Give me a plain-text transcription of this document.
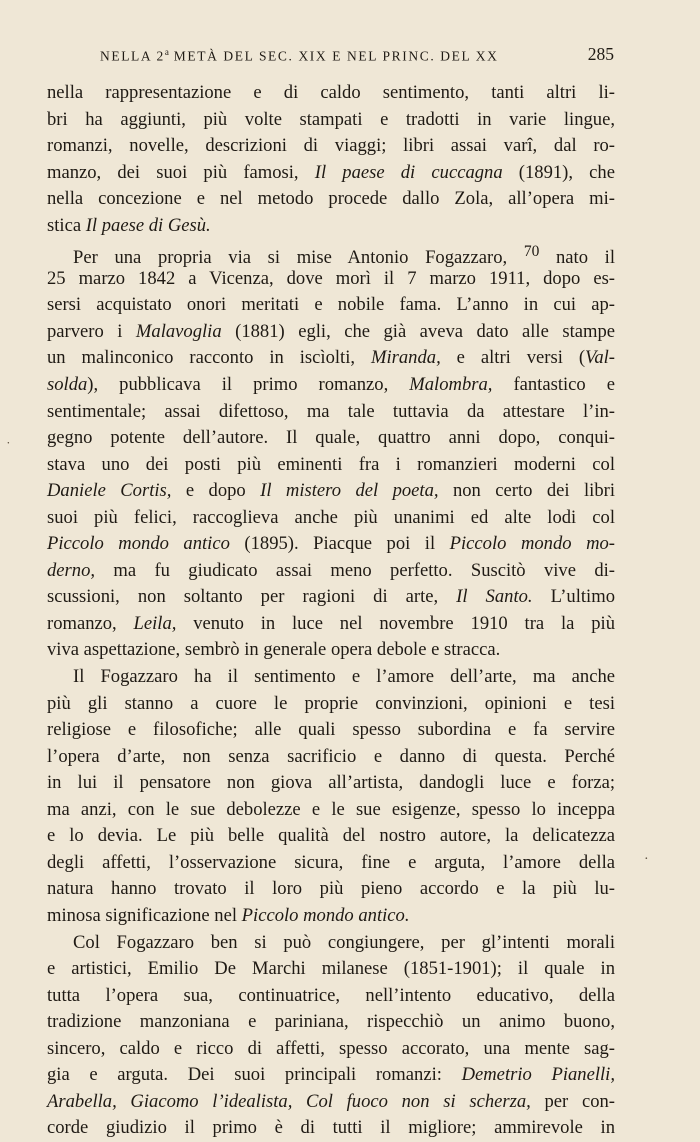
NELLA 2$^a$ METÀ DEL SEC. XIX E NEL PRINC. DEL XX	285
nella rappresentazione e di caldo sentimento, tanti altri li-
bri ha aggiunti, più volte stampati e tradotti in varie lingue,
romanzi, novelle, descrizioni di viaggi; libri assai varî, dal ro-
manzo, dei suoi più famosi, Il paese di cuccagna (1891), che
nella concezione e nel metodo procede dallo Zola, all’opera mi-
stica Il paese di Gesù.
Per una propria via si mise Antonio Fogazzaro, $^{70}$ nato il
25 marzo 1842 a Vicenza, dove morì il 7 marzo 1911, dopo es-
sersi acquistato onori meritati e nobile fama. L’anno in cui ap-
parvero i Malavoglia (1881) egli, che già aveva dato alle stampe
un malinconico racconto in iscìolti, Miranda, e altri versi (Val-
solda), pubblicava il primo romanzo, Malombra, fantastico e
sentimentale; assai difettoso, ma tale tuttavia da attestare l’in-
gegno potente dell’autore. Il quale, quattro anni dopo, conqui-
stava uno dei posti più eminenti fra i romanzieri moderni col
Daniele Cortis, e dopo Il mistero del poeta, non certo dei libri
suoi più felici, raccoglieva anche più unanimi ed alte lodi col
Piccolo mondo antico (1895). Piacque poi il Piccolo mondo mo-
derno, ma fu giudicato assai meno perfetto. Suscitò vive di-
scussioni, non soltanto per ragioni di arte, Il Santo. L’ultimo
romanzo, Leila, venuto in luce nel novembre 1910 tra la più
viva aspettazione, sembrò in generale opera debole e stracca.
Il Fogazzaro ha il sentimento e l’amore dell’arte, ma anche
più gli stanno a cuore le proprie convinzioni, opinioni e tesi
religiose e filosofiche; alle quali spesso subordina e fa servire
l’opera d’arte, non senza sacrificio e danno di questa. Perché
in lui il pensatore non giova all’artista, dandogli luce e forza;
ma anzi, con le sue debolezze e le sue esigenze, spesso lo inceppa
e lo devia. Le più belle qualità del nostro autore, la delicatezza
degli affetti, l’osservazione sicura, fine e arguta, l’amore della
natura hanno trovato il loro più pieno accordo e la più lu-
minosa significazione nel Piccolo mondo antico.
Col Fogazzaro ben si può congiungere, per gl’intenti morali
e artistici, Emilio De Marchi milanese (1851-1901); il quale in
tutta l’opera sua, continuatrice, nell’intento educativo, della
tradizione manzoniana e pariniana, rispecchiò un animo buono,
sincero, caldo e ricco di affetti, spesso accorato, una mente sag-
gia e arguta. Dei suoi principali romanzi: Demetrio Pianelli,
Arabella, Giacomo l’idealista, Col fuoco non si scherza, per con-
corde giudizio il primo è di tutti il migliore; ammirevole in
˙
·
